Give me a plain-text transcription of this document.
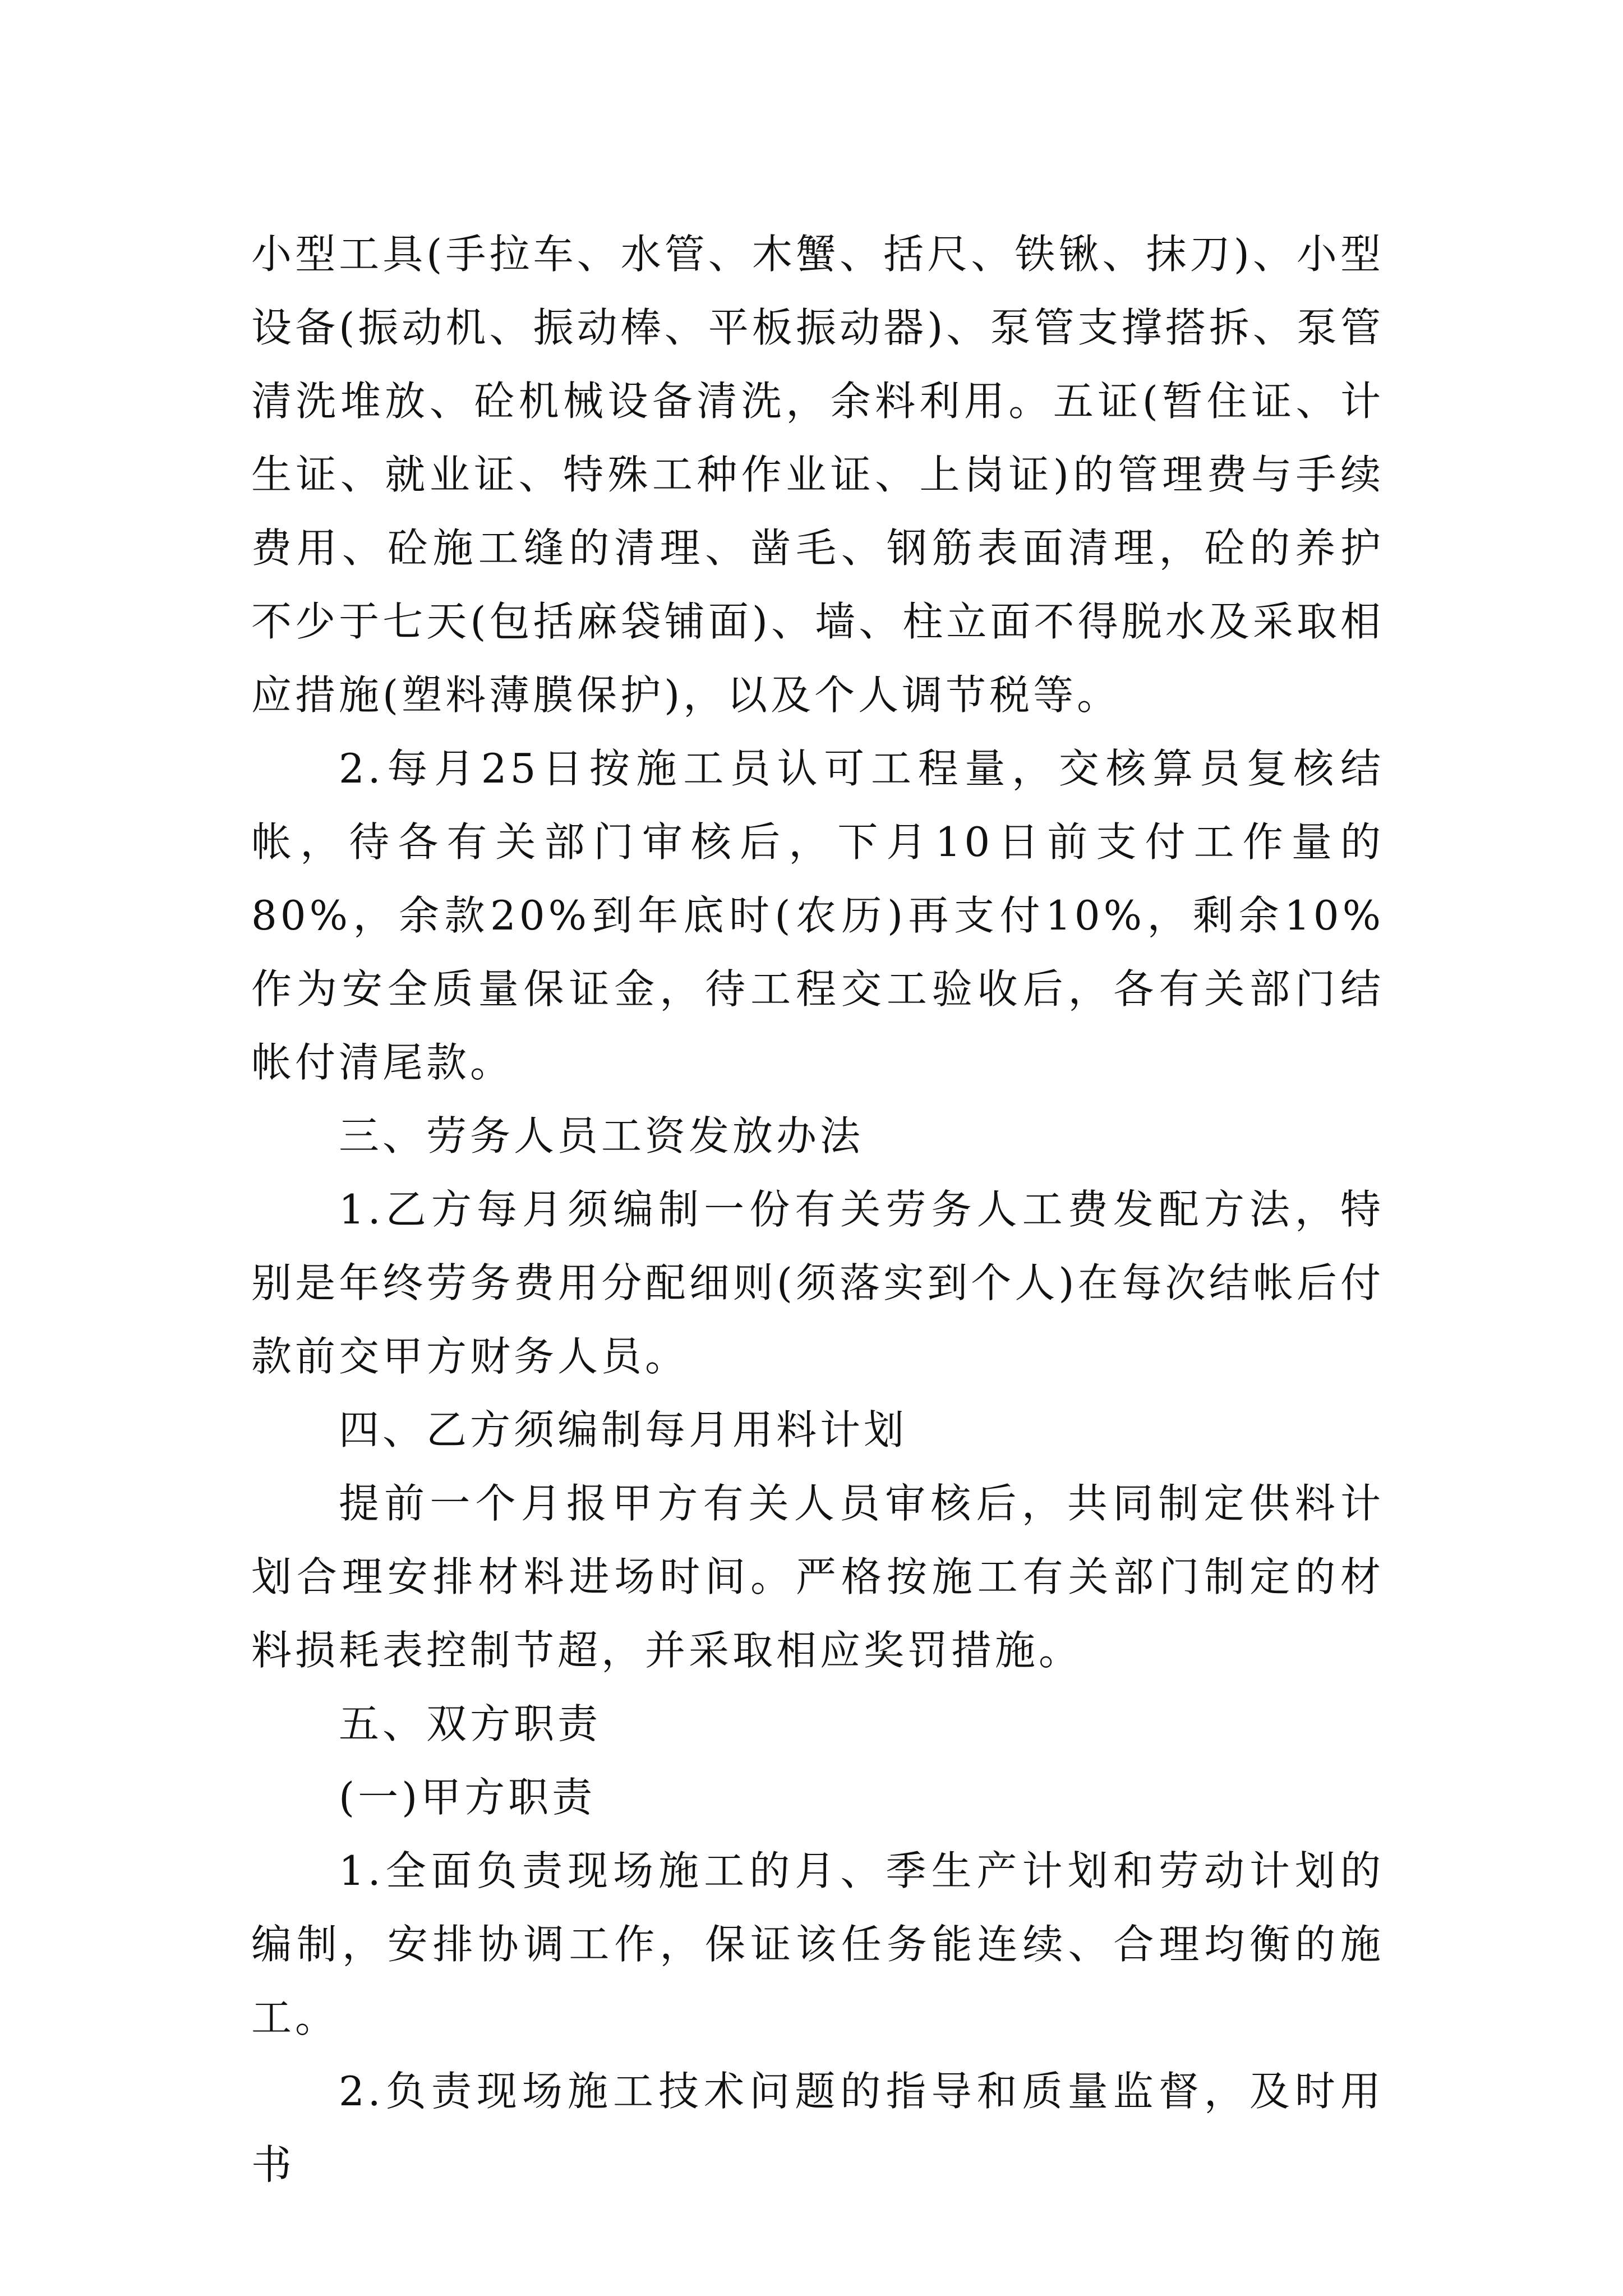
小型工具(手拉车、水管、木蟹、括尺、铁锹、抹刀)、小型设备(振动机、振动棒、平板振动器)、泵管支撑搭拆、泵管清洗堆放、砼机械设备清洗，余料利用。五证(暂住证、计生证、就业证、特殊工种作业证、上岗证)的管理费与手续费用、砼施工缝的清理、凿毛、钢筋表面清理，砼的养护不少于七天(包括麻袋铺面)、墙、柱立面不得脱水及采取相应措施(塑料薄膜保护)，以及个人调节税等。

2.每月25日按施工员认可工程量，交核算员复核结帐，待各有关部门审核后，下月10日前支付工作量的80%，余款20%到年底时(农历)再支付10%，剩余10%作为安全质量保证金，待工程交工验收后，各有关部门结帐付清尾款。

三、劳务人员工资发放办法

1.乙方每月须编制一份有关劳务人工费发配方法，特别是年终劳务费用分配细则(须落实到个人)在每次结帐后付款前交甲方财务人员。

四、乙方须编制每月用料计划

提前一个月报甲方有关人员审核后，共同制定供料计划合理安排材料进场时间。严格按施工有关部门制定的材料损耗表控制节超，并采取相应奖罚措施。

五、双方职责

(一)甲方职责

1.全面负责现场施工的月、季生产计划和劳动计划的编制，安排协调工作，保证该任务能连续、合理均衡的施工。

2.负责现场施工技术问题的指导和质量监督，及时用书
